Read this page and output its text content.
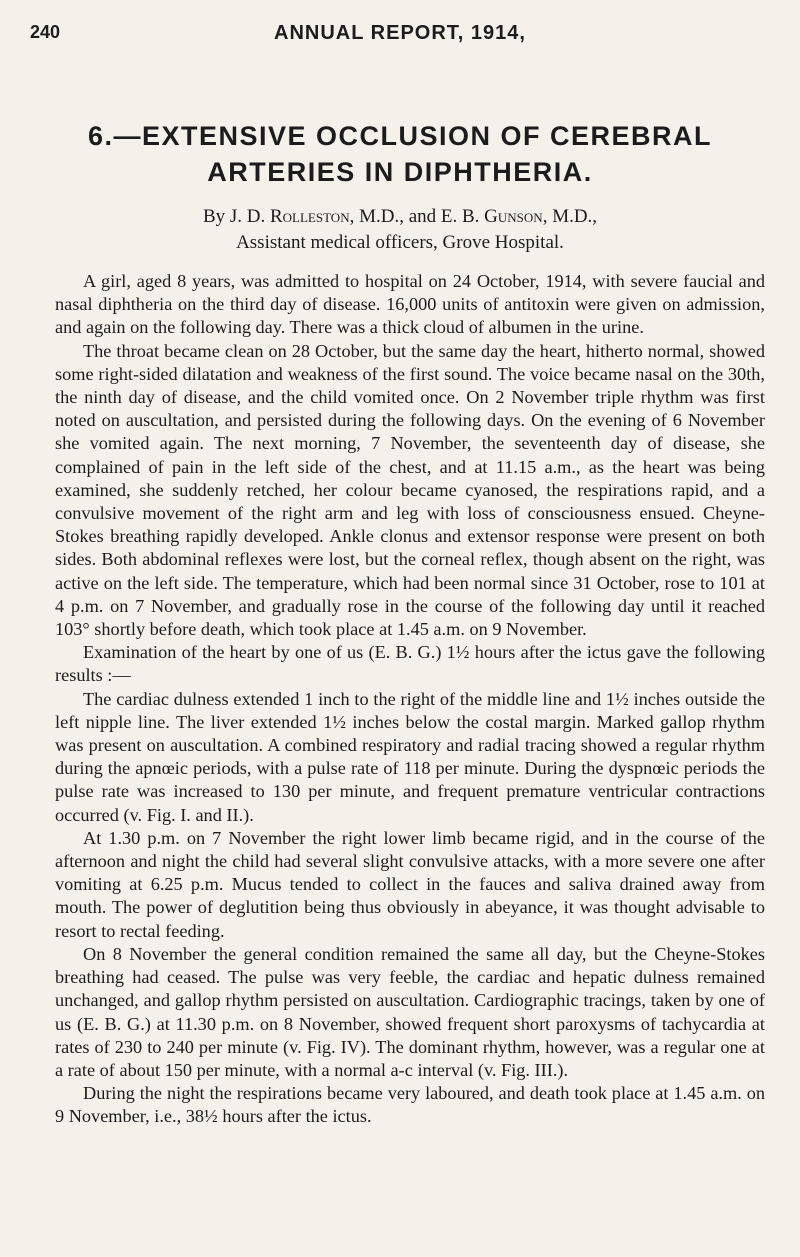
240	ANNUAL REPORT, 1914,
6.—EXTENSIVE OCCLUSION OF CEREBRAL
ARTERIES IN DIPHTHERIA.
By J. D. Rolleston, M.D., and E. B. Gunson, M.D.,
Assistant medical officers, Grove Hospital.

A girl, aged 8 years, was admitted to hospital on 24 October, 1914, with severe faucial and nasal diphtheria on the third day of disease. 16,000 units of antitoxin were given on admission, and again on the following day. There was a thick cloud of albumen in the urine.

The throat became clean on 28 October, but the same day the heart, hitherto normal, showed some right-sided dilatation and weakness of the first sound. The voice became nasal on the 30th, the ninth day of disease, and the child vomited once. On 2 November triple rhythm was first noted on auscultation, and persisted during the following days. On the evening of 6 November she vomited again. The next morning, 7 November, the seventeenth day of disease, she complained of pain in the left side of the chest, and at 11.15 a.m., as the heart was being examined, she suddenly retched, her colour became cyanosed, the respirations rapid, and a convulsive movement of the right arm and leg with loss of consciousness ensued. Cheyne-Stokes breathing rapidly developed. Ankle clonus and extensor response were present on both sides. Both abdominal reflexes were lost, but the corneal reflex, though absent on the right, was active on the left side. The temperature, which had been normal since 31 October, rose to 101 at 4 p.m. on 7 November, and gradually rose in the course of the following day until it reached 103° shortly before death, which took place at 1.45 a.m. on 9 November.

Examination of the heart by one of us (E. B. G.) 1½ hours after the ictus gave the following results :—

The cardiac dulness extended 1 inch to the right of the middle line and 1½ inches outside the left nipple line. The liver extended 1½ inches below the costal margin. Marked gallop rhythm was present on auscultation. A combined respiratory and radial tracing showed a regular rhythm during the apnœic periods, with a pulse rate of 118 per minute. During the dyspnœic periods the pulse rate was increased to 130 per minute, and frequent premature ventricular contractions occurred (v. Fig. I. and II.).

At 1.30 p.m. on 7 November the right lower limb became rigid, and in the course of the afternoon and night the child had several slight convulsive attacks, with a more severe one after vomiting at 6.25 p.m. Mucus tended to collect in the fauces and saliva drained away from mouth. The power of deglutition being thus obviously in abeyance, it was thought advisable to resort to rectal feeding.

On 8 November the general condition remained the same all day, but the Cheyne-Stokes breathing had ceased. The pulse was very feeble, the cardiac and hepatic dulness remained unchanged, and gallop rhythm persisted on auscultation. Cardiographic tracings, taken by one of us (E. B. G.) at 11.30 p.m. on 8 November, showed frequent short paroxysms of tachycardia at rates of 230 to 240 per minute (v. Fig. IV). The dominant rhythm, however, was a regular one at a rate of about 150 per minute, with a normal a-c interval (v. Fig. III.).

During the night the respirations became very laboured, and death took place at 1.45 a.m. on 9 November, i.e., 38½ hours after the ictus.
